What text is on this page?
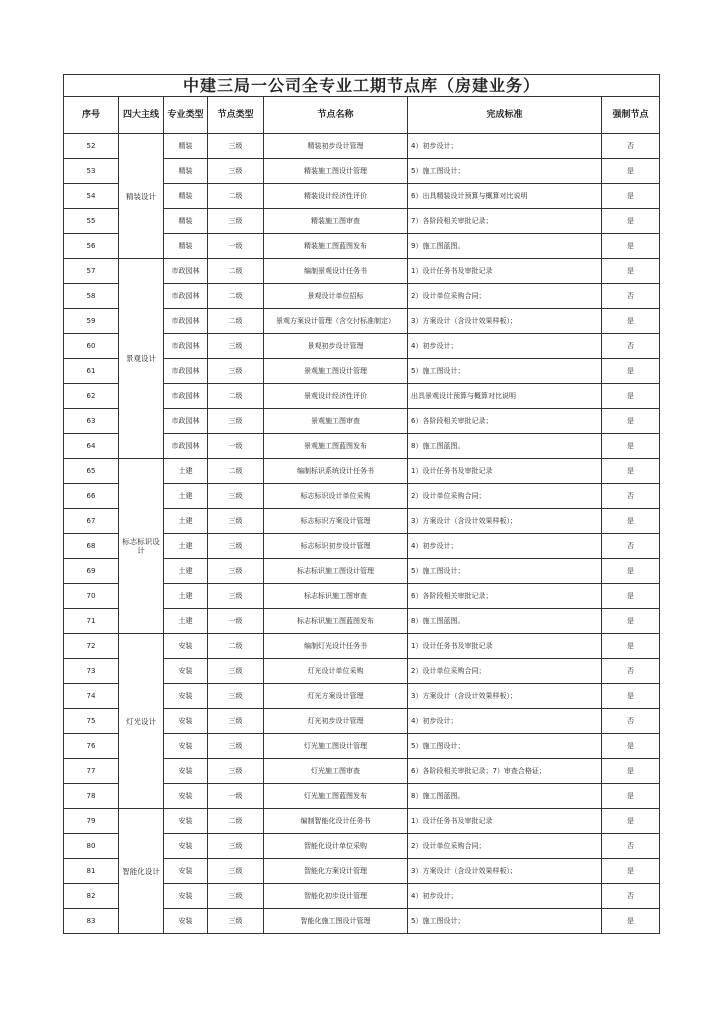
中建三局一公司全专业工期节点库（房建业务）						
序号	四大主线	专业类型	节点类型	节点名称	完成标准	强制节点
52	精装设计	精装	三级	精装初步设计管理	4）初步设计；	否
53		精装	三级	精装施工图设计管理	5）施工图设计；	是
54		精装	二级	精装设计经济性评价	6）出具精装设计预算与概算对比说明	是
55		精装	三级	精装施工图审查	7）各阶段相关审批记录；	是
56		精装	一级	精装施工图蓝图发布	9）施工图蓝图。	是
57	景观设计	市政园林	二级	编制景观设计任务书	1）设计任务书及审批记录	是
58		市政园林	二级	景观设计单位招标	2）设计单位采购合同；	否
59		市政园林	二级	景观方案设计管理（含交付标准制定）	3）方案设计（含设计效果样板）；	是
60		市政园林	三级	景观初步设计管理	4）初步设计；	否
61		市政园林	三级	景观施工图设计管理	5）施工图设计；	是
62		市政园林	二级	景观设计经济性评价	出具景观设计预算与概算对比说明	是
63		市政园林	三级	景观施工图审查	6）各阶段相关审批记录；	是
64		市政园林	一级	景观施工图蓝图发布	8）施工图蓝图。	是
65	标志标识设计	土建	二级	编制标识系统设计任务书	1）设计任务书及审批记录	是
66		土建	三级	标志标识设计单位采购	2）设计单位采购合同；	否
67		土建	三级	标志标识方案设计管理	3）方案设计（含设计效果样板）；	是
68		土建	三级	标志标识初步设计管理	4）初步设计；	否
69		土建	三级	标志标识施工图设计管理	5）施工图设计；	是
70		土建	三级	标志标识施工图审查	6）各阶段相关审批记录；	是
71		土建	一级	标志标识施工图蓝图发布	8）施工图蓝图。	是
72	灯光设计	安装	二级	编制灯光设计任务书	1）设计任务书及审批记录	是
73		安装	三级	灯光设计单位采购	2）设计单位采购合同；	否
74		安装	三级	灯光方案设计管理	3）方案设计（含设计效果样板）；	是
75		安装	三级	灯光初步设计管理	4）初步设计；	否
76		安装	三级	灯光施工图设计管理	5）施工图设计；	是
77		安装	三级	灯光施工图审查	6）各阶段相关审批记录；7）审查合格证；	是
78		安装	一级	灯光施工图蓝图发布	8）施工图蓝图。	是
79	智能化设计	安装	二级	编制智能化设计任务书	1）设计任务书及审批记录	是
80		安装	三级	智能化设计单位采购	2）设计单位采购合同；	否
81		安装	三级	智能化方案设计管理	3）方案设计（含设计效果样板）；	是
82		安装	三级	智能化初步设计管理	4）初步设计；	否
83		安装	三级	智能化施工图设计管理	5）施工图设计；	是
